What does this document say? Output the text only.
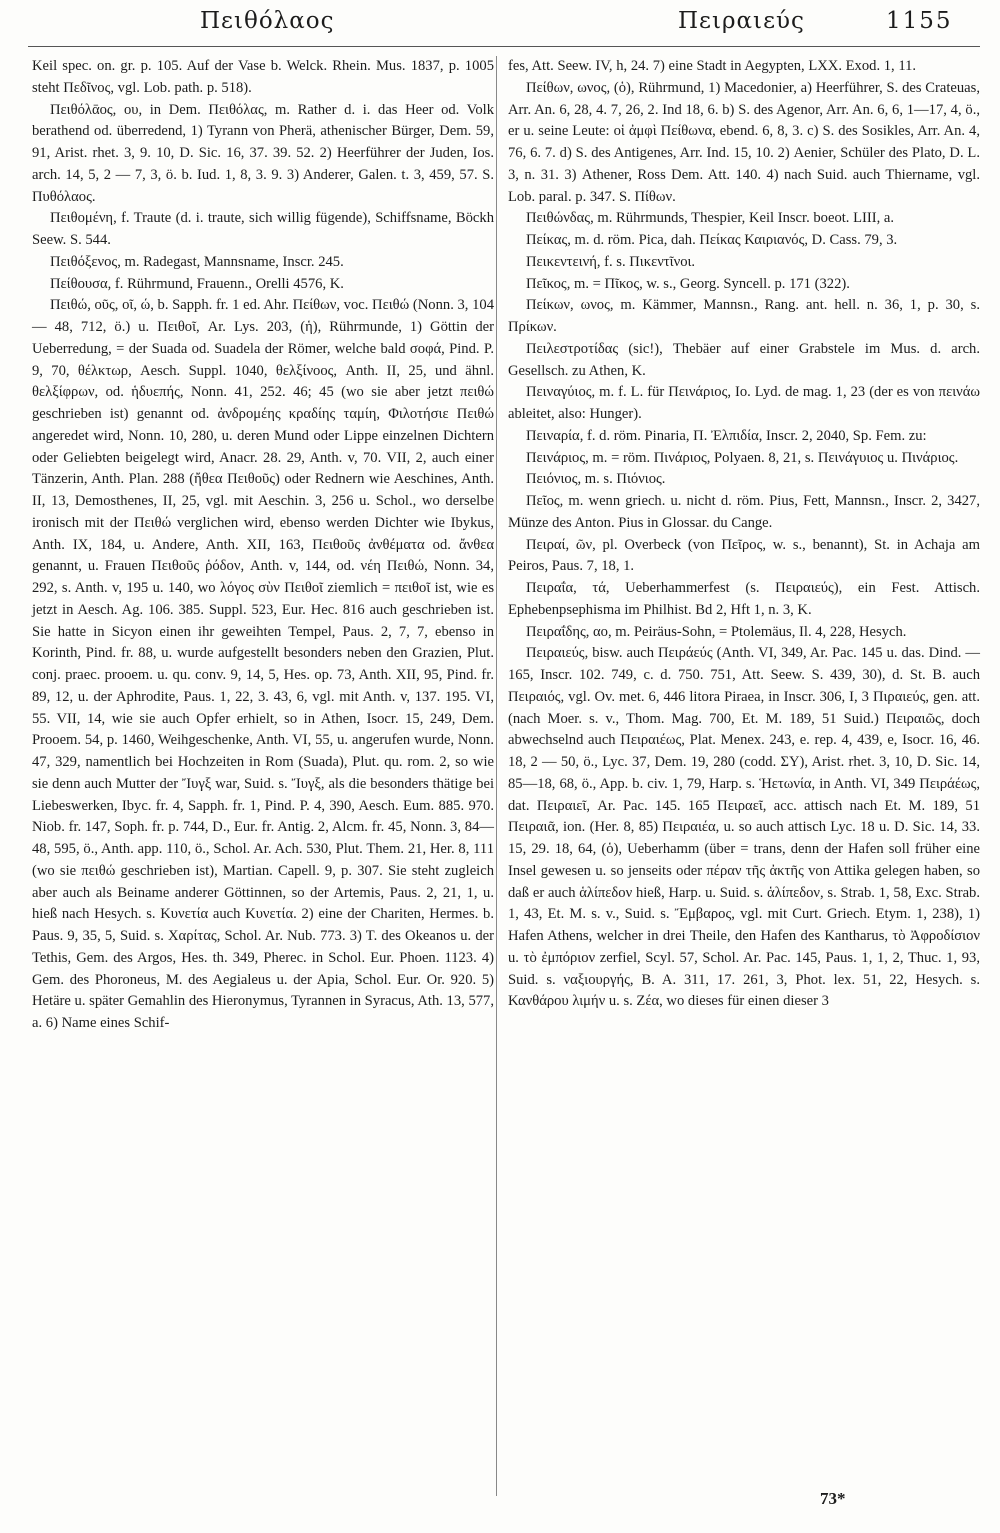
Πειθόλαος	Πειραιεύς	1155

Keil spec. on. gr. p. 105. Auf der Vase b. Welck. Rhein. Mus. 1837, p. 1005 steht Πεδῖνος, vgl. Lob. path. p. 518).

Πειθόλᾱος, ου, in Dem. Πειθόλας, m. Rather d. i. das Heer od. Volk berathend od. überredend, 1) Tyrann von Pherä, athenischer Bürger, Dem. 59, 91, Arist. rhet. 3, 9. 10, D. Sic. 16, 37. 39. 52. 2) Heerführer der Juden, Ios. arch. 14, 5, 2 — 7, 3, ö. b. Iud. 1, 8, 3. 9. 3) Anderer, Galen. t. 3, 459, 57. S. Πυθόλαος.

Πειθομένη, f. Traute (d. i. traute, sich willig fügende), Schiffsname, Böckh Seew. S. 544.

Πειθόξενος, m. Radegast, Mannsname, Inscr. 245.

Πείθουσα, f. Rührmund, Frauenn., Orelli 4576, K.

Πειθώ, οῦς, οῖ, ώ, b. Sapph. fr. 1 ed. Ahr. Πείθων, voc. Πειθώ (Nonn. 3, 104 — 48, 712, ö.) u. Πειθοῖ, Ar. Lys. 203, (ἡ), Rührmunde, 1) Göttin der Ueberredung, = der Suada od. Suadela der Römer, welche bald σοφά, Pind. P. 9, 70, θέλκτωρ, Aesch. Suppl. 1040, θελξίνοος, Anth. II, 25, und ähnl. θελξίφρων, od. ἡδυεπής, Nonn. 41, 252. 46; 45 (wo sie aber jetzt πειθώ geschrieben ist) genannt od. ἀνδρομέης κραδίης ταμίη, Φιλοτήσιε Πειθώ angeredet wird, Nonn. 10, 280, u. deren Mund oder Lippe einzelnen Dichtern oder Geliebten beigelegt wird, Anacr. 28. 29, Anth. v, 70. VII, 2, auch einer Tänzerin, Anth. Plan. 288 (ἤθεα Πειθοῦς) oder Rednern wie Aeschines, Anth. II, 13, Demosthenes, II, 25, vgl. mit Aeschin. 3, 256 u. Schol., wo derselbe ironisch mit der Πειθώ verglichen wird, ebenso werden Dichter wie Ibykus, Anth. IX, 184, u. Andere, Anth. XII, 163, Πειθοῦς ἀνθέματα od. ἄνθεα genannt, u. Frauen Πειθοῦς ῥόδον, Anth. v, 144, od. νέη Πειθώ, Nonn. 34, 292, s. Anth. v, 195 u. 140, wo λόγος σὺν Πειθοῖ ziemlich = πειθοῖ ist, wie es jetzt in Aesch. Ag. 106. 385. Suppl. 523, Eur. Hec. 816 auch geschrieben ist. Sie hatte in Sicyon einen ihr geweihten Tempel, Paus. 2, 7, 7, ebenso in Korinth, Pind. fr. 88, u. wurde aufgestellt besonders neben den Grazien, Plut. conj. praec. prooem. u. qu. conv. 9, 14, 5, Hes. op. 73, Anth. XII, 95, Pind. fr. 89, 12, u. der Aphrodite, Paus. 1, 22, 3. 43, 6, vgl. mit Anth. v, 137. 195. VI, 55. VII, 14, wie sie auch Opfer erhielt, so in Athen, Isocr. 15, 249, Dem. Prooem. 54, p. 1460, Weihgeschenke, Anth. VI, 55, u. angerufen wurde, Nonn. 47, 329, namentlich bei Hochzeiten in Rom (Suada), Plut. qu. rom. 2, so wie sie denn auch Mutter der Ἴυγξ war, Suid. s. Ἴυγξ, als die besonders thätige bei Liebeswerken, Ibyc. fr. 4, Sapph. fr. 1, Pind. P. 4, 390, Aesch. Eum. 885. 970. Niob. fr. 147, Soph. fr. p. 744, D., Eur. fr. Antig. 2, Alcm. fr. 45, Nonn. 3, 84—48, 595, ö., Anth. app. 110, ö., Schol. Ar. Ach. 530, Plut. Them. 21, Her. 8, 111 (wo sie πειθώ geschrieben ist), Martian. Capell. 9, p. 307. Sie steht zugleich aber auch als Beiname anderer Göttinnen, so der Artemis, Paus. 2, 21, 1, u. hieß nach Hesych. s. Κυνετία auch Κυνετία. 2) eine der Chariten, Hermes. b. Paus. 9, 35, 5, Suid. s. Χαρίτας, Schol. Ar. Nub. 773. 3) T. des Okeanos u. der Tethis, Gem. des Argos, Hes. th. 349, Pherec. in Schol. Eur. Phoen. 1123. 4) Gem. des Phoroneus, M. des Aegialeus u. der Apia, Schol. Eur. Or. 920. 5) Hetäre u. später Gemahlin des Hieronymus, Tyrannen in Syracus, Ath. 13, 577, a. 6) Name eines Schif-

fes, Att. Seew. IV, h, 24. 7) eine Stadt in Aegypten, LXX. Exod. 1, 11.

Πείθων, ωνος, (ὁ), Rührmund, 1) Macedonier, a) Heerführer, S. des Crateuas, Arr. An. 6, 28, 4. 7, 26, 2. Ind 18, 6. b) S. des Agenor, Arr. An. 6, 6, 1—17, 4, ö., er u. seine Leute: οἱ ἀμφὶ Πείθωνα, ebend. 6, 8, 3. c) S. des Sosikles, Arr. An. 4, 76, 6. 7. d) S. des Antigenes, Arr. Ind. 15, 10. 2) Aenier, Schüler des Plato, D. L. 3, n. 31. 3) Athener, Ross Dem. Att. 140. 4) nach Suid. auch Thiername, vgl. Lob. paral. p. 347. S. Πίθων.

Πειθώνδας, m. Rührmunds, Thespier, Keil Inscr. boeot. LIII, a.

Πείκας, m. d. röm. Pica, dah. Πείκας Καιριανός, D. Cass. 79, 3.

Πεικεντεινή, f. s. Πικεντῖνοι.

Πεῖκος, m. = Πῖκος, w. s., Georg. Syncell. p. 171 (322).

Πείκων, ωνος, m. Kämmer, Mannsn., Rang. ant. hell. n. 36, 1, p. 30, s. Πρίκων.

Πειλεστροτίδας (sic!), Thebäer auf einer Grabstele im Mus. d. arch. Gesellsch. zu Athen, K.

Πειναγύιος, m. f. L. für Πεινάριος, Io. Lyd. de mag. 1, 23 (der es von πεινάω ableitet, also: Hunger).

Πειναρία, f. d. röm. Pinaria, Π. Ἐλπιδία, Inscr. 2, 2040, Sp. Fem. zu:

Πεινάριος, m. = röm. Πινάριος, Polyaen. 8, 21, s. Πεινάγυιος u. Πινάριος.

Πειόνιος, m. s. Πιόνιος.

Πεῖος, m. wenn griech. u. nicht d. röm. Pius, Fett, Mannsn., Inscr. 2, 3427, Münze des Anton. Pius in Glossar. du Cange.

Πειραί, ῶν, pl. Overbeck (von Πεῖρος, w. s., benannt), St. in Achaja am Peiros, Paus. 7, 18, 1.

Πειραΐα, τά, Ueberhammerfest (s. Πειραιεύς), ein Fest. Attisch. Ephebenpsephisma im Philhist. Bd 2, Hft 1, n. 3, K.

Πειραΐδης, αο, m. Peiräus-Sohn, = Ptolemäus, Il. 4, 228, Hesych.

Πειραιεύς, bisw. auch Πειράεύς (Anth. VI, 349, Ar. Pac. 145 u. das. Dind. —165, Inscr. 102. 749, c. d. 750. 751, Att. Seew. S. 439, 30), d. St. B. auch Πειραιός, vgl. Ov. met. 6, 446 litora Piraea, in Inscr. 306, I, 3 Πιραιεύς, gen. att. (nach Moer. s. v., Thom. Mag. 700, Et. M. 189, 51 Suid.) Πειραιῶς, doch abwechselnd auch Πειραιέως, Plat. Menex. 243, e. rep. 4, 439, e, Isocr. 16, 46. 18, 2 — 50, ö., Lyc. 37, Dem. 19, 280 (codd. ΣΥ), Arist. rhet. 3, 10, D. Sic. 14, 85—18, 68, ö., App. b. civ. 1, 79, Harp. s. Ἡετωνία, in Anth. VI, 349 Πειράέως, dat. Πειραιεῖ, Ar. Pac. 145. 165 Πειραεῖ, acc. attisch nach Et. M. 189, 51 Πειραιᾶ, ion. (Her. 8, 85) Πειραιέα, u. so auch attisch Lyc. 18 u. D. Sic. 14, 33. 15, 29. 18, 64, (ὁ), Ueberhamm (über = trans, denn der Hafen soll früher eine Insel gewesen u. so jenseits oder πέραν τῆς ἀκτῆς von Attika gelegen haben, so daß er auch ἁλίπεδον hieß, Harp. u. Suid. s. ἁλίπεδον, s. Strab. 1, 58, Exc. Strab. 1, 43, Et. M. s. v., Suid. s. Ἔμβαρος, vgl. mit Curt. Griech. Etym. 1, 238), 1) Hafen Athens, welcher in drei Theile, den Hafen des Kantharus, τὸ Ἀφροδίσιον u. τὸ ἐμπόριον zerfiel, Scyl. 57, Schol. Ar. Pac. 145, Paus. 1, 1, 2, Thuc. 1, 93, Suid. s. ναξιουργής, B. A. 311, 17. 261, 3, Phot. lex. 51, 22, Hesych. s. Κανθάρου λιμήν u. s. Ζέα, wo dieses für einen dieser 3

73*
